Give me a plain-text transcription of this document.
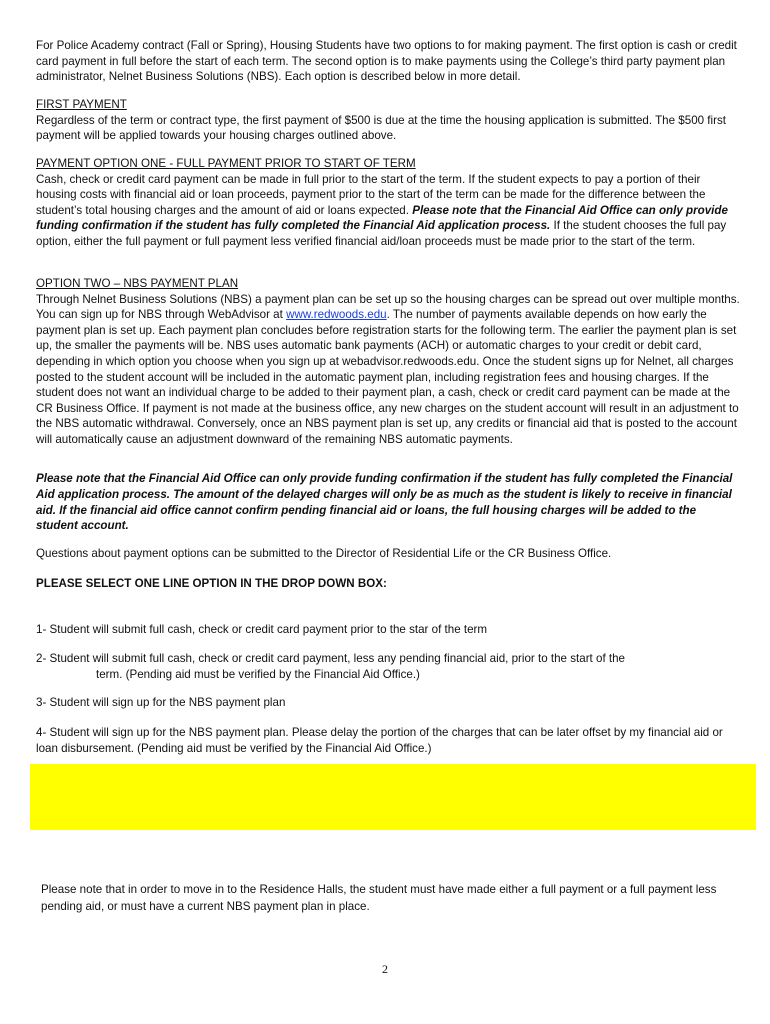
For Police Academy contract (Fall or Spring), Housing Students have two options to for making payment. The first option is cash or credit card payment in full before the start of each term. The second option is to make payments using the College’s third party payment plan administrator, Nelnet Business Solutions (NBS). Each option is described below in more detail.

FIRST PAYMENT

Regardless of the term or contract type, the first payment of $500 is due at the time the housing application is submitted. The $500 first payment will be applied towards your housing charges outlined above.

PAYMENT OPTION ONE - FULL PAYMENT PRIOR TO START OF TERM

Cash, check or credit card payment can be made in full prior to the start of the term. If the student expects to pay a portion of their housing costs with financial aid or loan proceeds, payment prior to the start of the term can be made for the difference between the student’s total housing charges and the amount of aid or loans expected. Please note that the Financial Aid Office can only provide funding confirmation if the student has fully completed the Financial Aid application process. If the student chooses the full pay option, either the full payment or full payment less verified financial aid/loan proceeds must be made prior to the start of the term.

OPTION TWO – NBS PAYMENT PLAN

Through Nelnet Business Solutions (NBS) a payment plan can be set up so the housing charges can be spread out over multiple months. You can sign up for NBS through WebAdvisor at www.redwoods.edu. The number of payments available depends on how early the payment plan is set up. Each payment plan concludes before registration starts for the following term. The earlier the payment plan is set up, the smaller the payments will be. NBS uses automatic bank payments (ACH) or automatic charges to your credit or debit card, depending in which option you choose when you sign up at webadvisor.redwoods.edu. Once the student signs up for Nelnet, all charges posted to the student account will be included in the automatic payment plan, including registration fees and housing charges. If the student does not want an individual charge to be added to their payment plan, a cash, check or credit card payment can be made at the CR Business Office. If payment is not made at the business office, any new charges on the student account will result in an adjustment to the NBS automatic withdrawal. Conversely, once an NBS payment plan is set up, any credits or financial aid that is posted to the account will automatically cause an adjustment downward of the remaining NBS automatic payments.

Please note that the Financial Aid Office can only provide funding confirmation if the student has fully completed the Financial Aid application process. The amount of the delayed charges will only be as much as the student is likely to receive in financial aid. If the financial aid office cannot confirm pending financial aid or loans, the full housing charges will be added to the student account.

Questions about payment options can be submitted to the Director of Residential Life or the CR Business Office.

PLEASE SELECT ONE LINE OPTION IN THE DROP DOWN BOX:

1- Student will submit full cash, check or credit card payment prior to the star of the term

2- Student will submit full cash, check or credit card payment, less any pending financial aid, prior to the start of the

term. (Pending aid must be verified by the Financial Aid Office.)

3- Student will sign up for the NBS payment plan

4- Student will sign up for the NBS payment plan. Please delay the portion of the charges that can be later offset by my financial aid or loan disbursement. (Pending aid must be verified by the Financial Aid Office.)

Please note that in order to move in to the Residence Halls, the student must have made either a full payment or a full payment less pending aid, or must have a current NBS payment plan in place.

2
